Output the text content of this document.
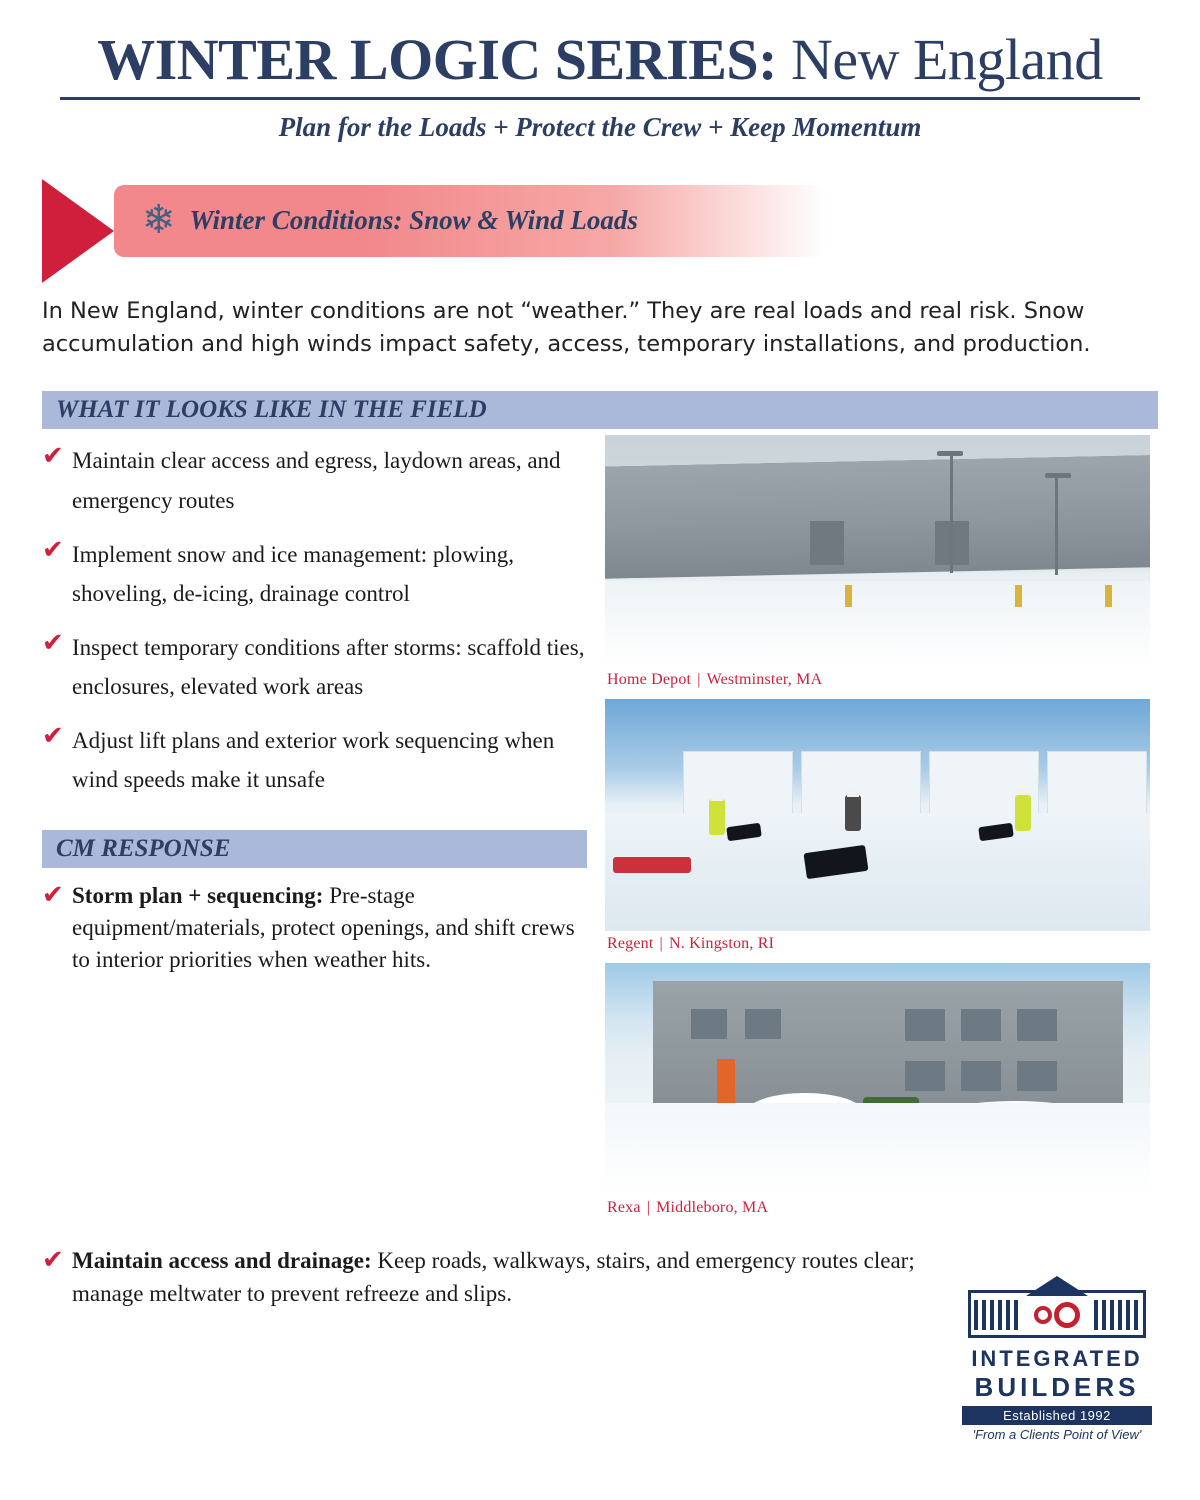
WINTER LOGIC SERIES: New England
Plan for the Loads + Protect the Crew + Keep Momentum
❄ Winter Conditions: Snow & Wind Loads

In New England, winter conditions are not “weather.” They are real loads and real risk. Snow accumulation and high winds impact safety, access, temporary installations, and production.

WHAT IT LOOKS LIKE IN THE FIELD
✔ Maintain clear access and egress, laydown areas, and emergency routes
✔ Implement snow and ice management: plowing, shoveling, de-icing, drainage control
✔ Inspect temporary conditions after storms: scaffold ties, enclosures, elevated work areas
✔ Adjust lift plans and exterior work sequencing when wind speeds make it unsafe
CM RESPONSE
✔ Storm plan + sequencing: Pre-stage equipment/materials, protect openings, and shift crews to interior priorities when weather hits.
Home Depot | Westminster, MA
Regent | N. Kingston, RI
Rexa | Middleboro, MA
✔ Maintain access and drainage: Keep roads, walkways, stairs, and emergency routes clear; manage meltwater to prevent refreeze and slips.
INTEGRATED
BUILDERS
Established 1992
'From a Clients Point of View'
